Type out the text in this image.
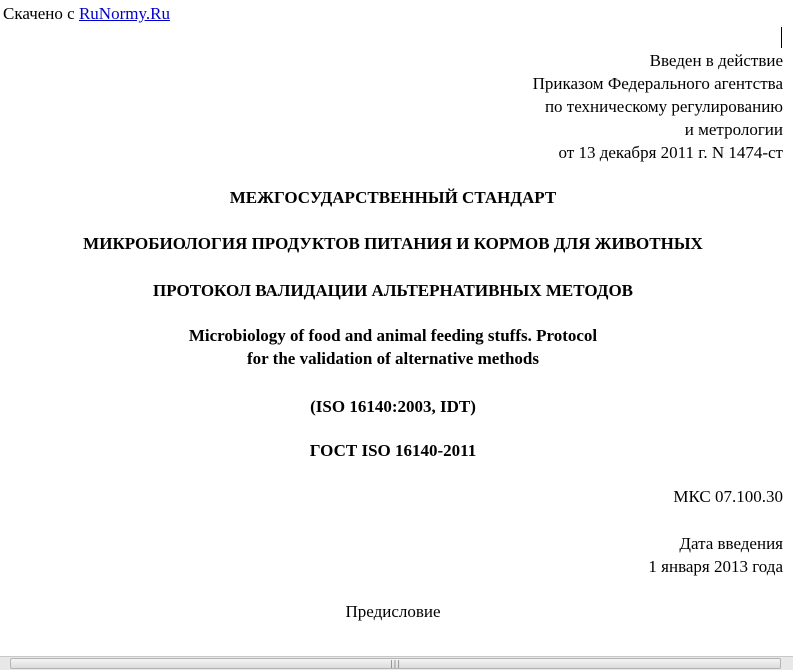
Скачено с RuNormy.Ru
Введен в действие
Приказом Федерального агентства
по техническому регулированию
и метрологии
от 13 декабря 2011 г. N 1474-ст
МЕЖГОСУДАРСТВЕННЫЙ СТАНДАРТ
МИКРОБИОЛОГИЯ ПРОДУКТОВ ПИТАНИЯ И КОРМОВ ДЛЯ ЖИВОТНЫХ
ПРОТОКОЛ ВАЛИДАЦИИ АЛЬТЕРНАТИВНЫХ МЕТОДОВ
Microbiology of food and animal feeding stuffs. Protocol
for the validation of alternative methods
(ISO 16140:2003, IDT)
ГОСТ ISO 16140-2011
МКС 07.100.30
Дата введения
1 января 2013 года
Предисловие
|||
